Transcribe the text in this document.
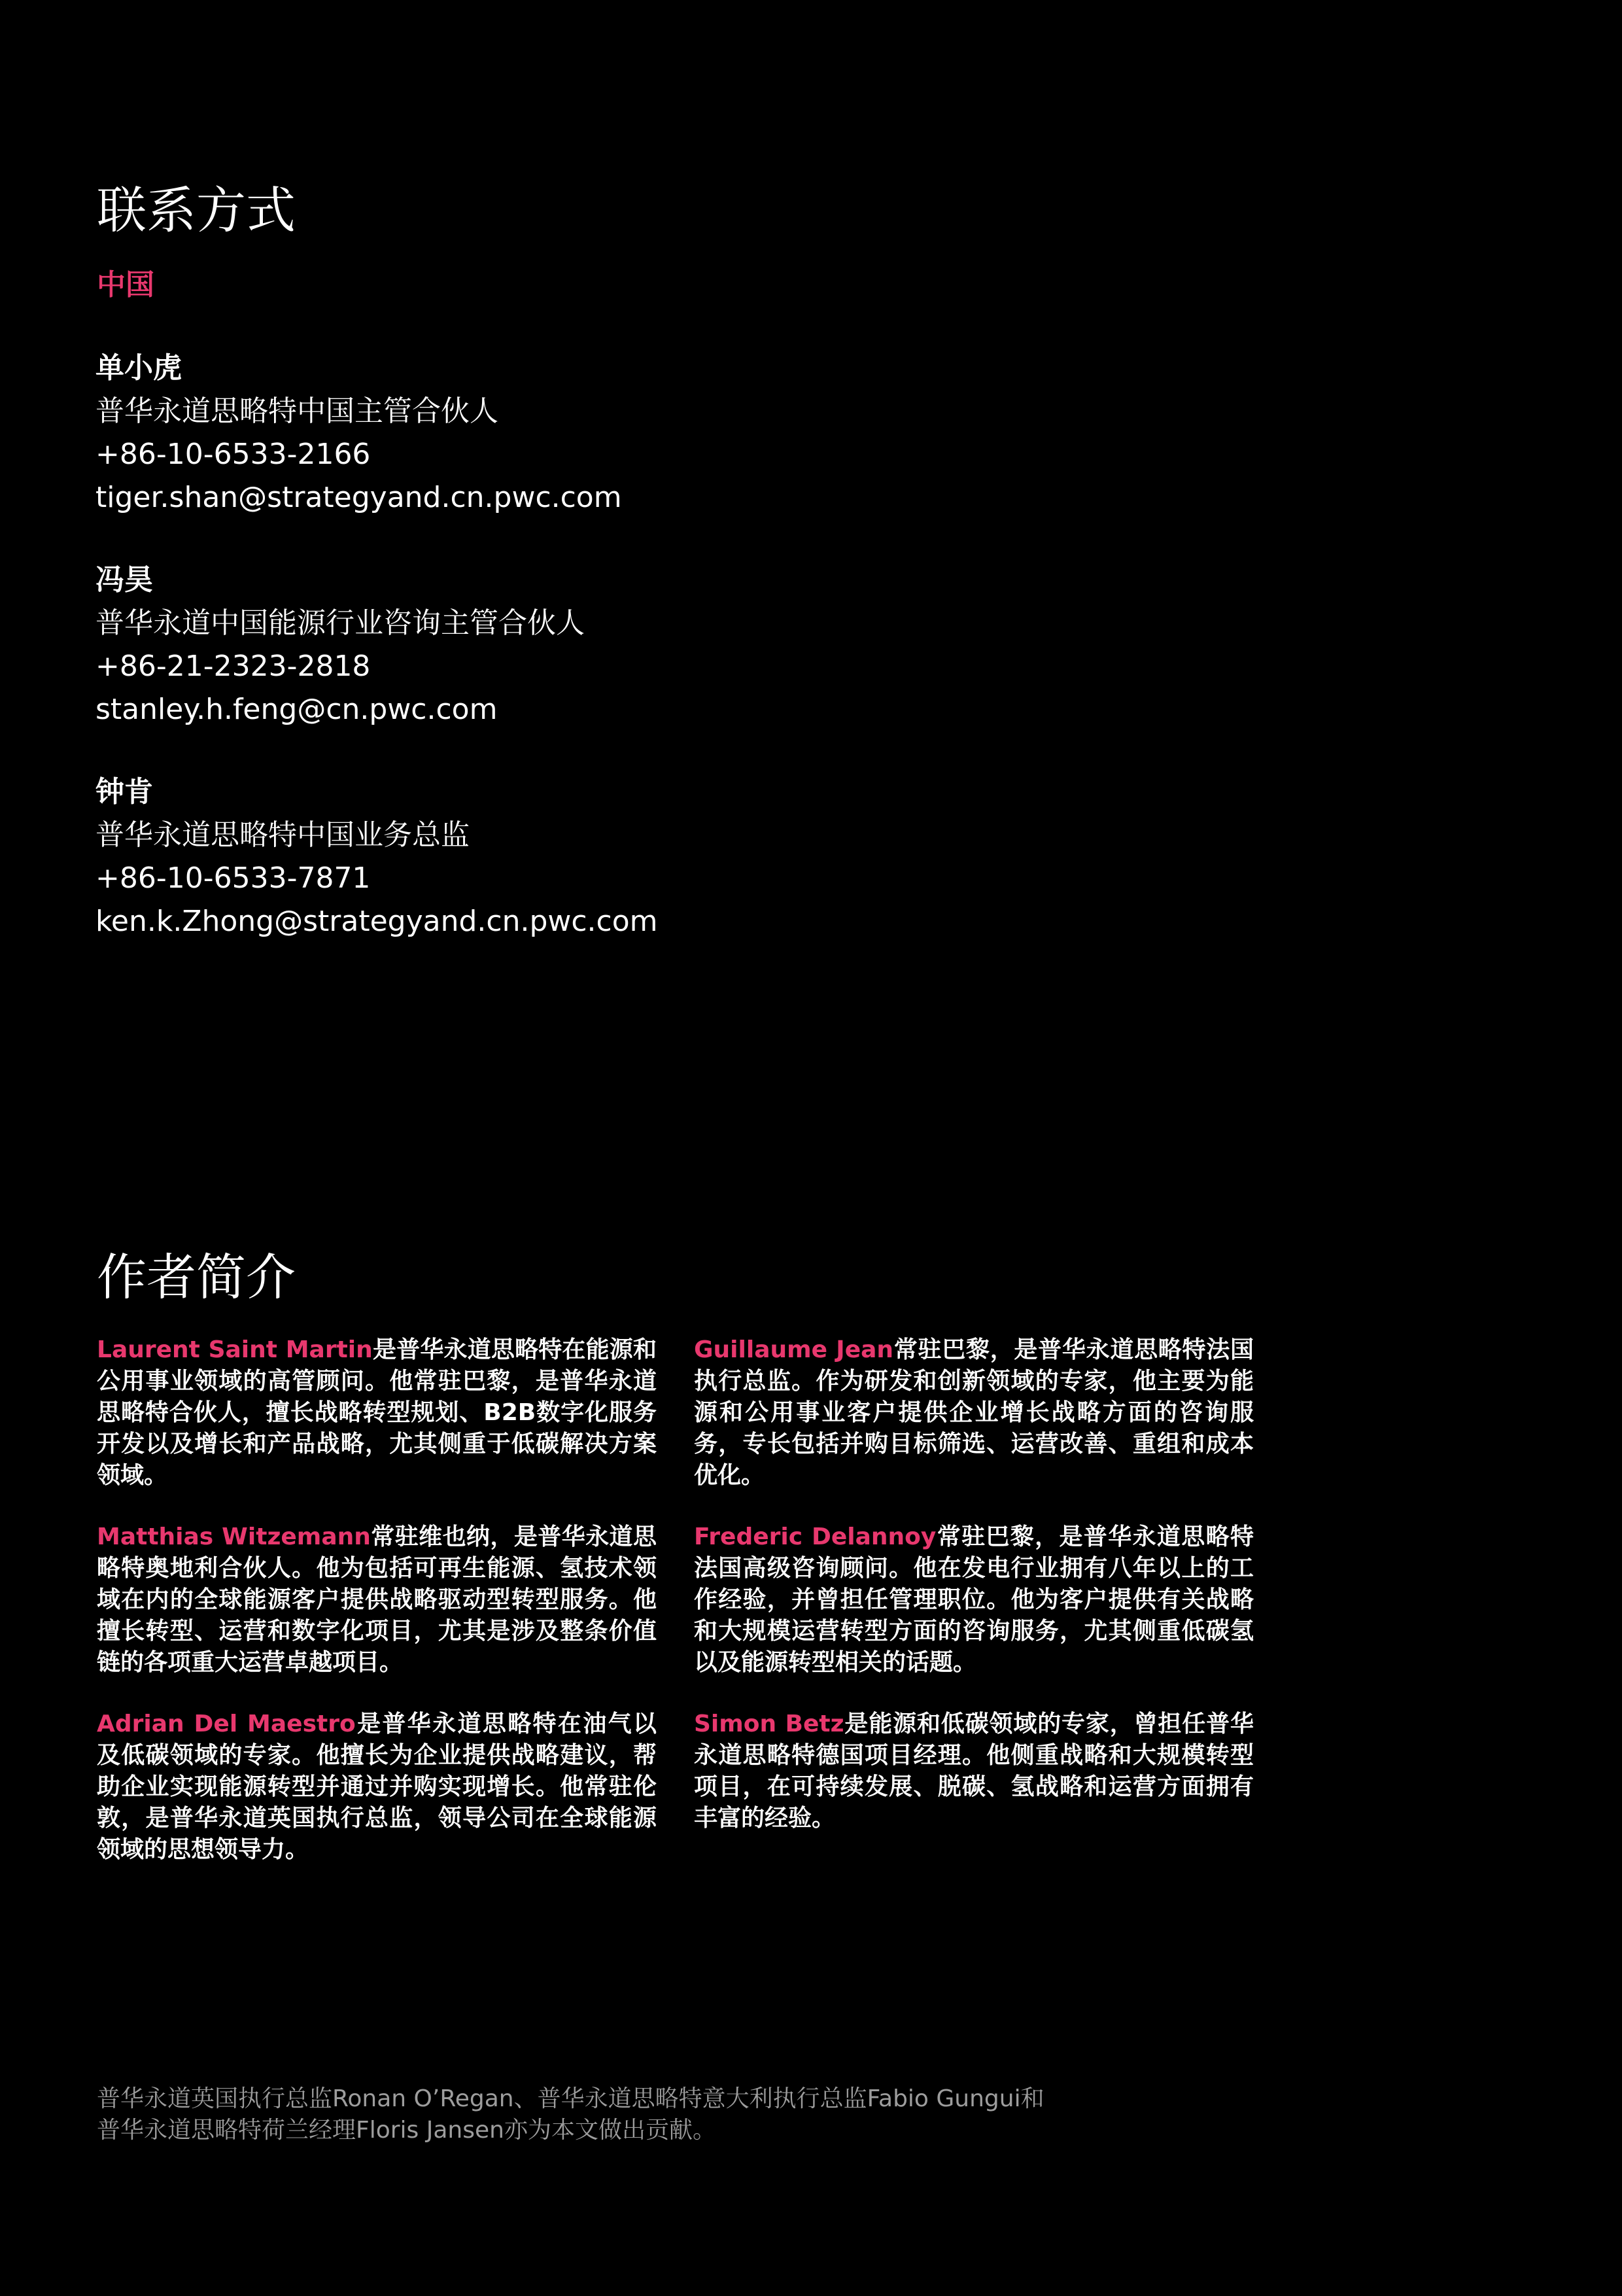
联系方式
中国
单小虎
普华永道思略特中国主管合伙人
+86-10-6533-2166
tiger.shan@strategyand.cn.pwc.com
冯昊
普华永道中国能源行业咨询主管合伙人
+86-21-2323-2818
stanley.h.feng@cn.pwc.com
钟肯
普华永道思略特中国业务总监
+86-10-6533-7871
ken.k.Zhong@strategyand.cn.pwc.com
作者简介

Laurent Saint Martin是普华永道思略特在能源和公用事业领域的高管顾问。他常驻巴黎，是普华永道思略特合伙人，擅长战略转型规划、B2B数字化服务开发以及增长和产品战略，尤其侧重于低碳解决方案领域。

Matthias Witzemann常驻维也纳，是普华永道思略特奥地利合伙人。他为包括可再生能源、氢技术领域在内的全球能源客户提供战略驱动型转型服务。他擅长转型、运营和数字化项目，尤其是涉及整条价值链的各项重大运营卓越项目。

Adrian Del Maestro是普华永道思略特在油气以及低碳领域的专家。他擅长为企业提供战略建议，帮助企业实现能源转型并通过并购实现增长。他常驻伦敦，是普华永道英国执行总监，领导公司在全球能源领域的思想领导力。

Guillaume Jean常驻巴黎，是普华永道思略特法国执行总监。作为研发和创新领域的专家，他主要为能源和公用事业客户提供企业增长战略方面的咨询服务，专长包括并购目标筛选、运营改善、重组和成本优化。

Frederic Delannoy常驻巴黎，是普华永道思略特法国高级咨询顾问。他在发电行业拥有八年以上的工作经验，并曾担任管理职位。他为客户提供有关战略和大规模运营转型方面的咨询服务，尤其侧重低碳氢以及能源转型相关的话题。

Simon Betz是能源和低碳领域的专家，曾担任普华永道思略特德国项目经理。他侧重战略和大规模转型项目，在可持续发展、脱碳、氢战略和运营方面拥有丰富的经验。

普华永道英国执行总监Ronan O’Regan、普华永道思略特意大利执行总监Fabio Gungui和
普华永道思略特荷兰经理Floris Jansen亦为本文做出贡献。
